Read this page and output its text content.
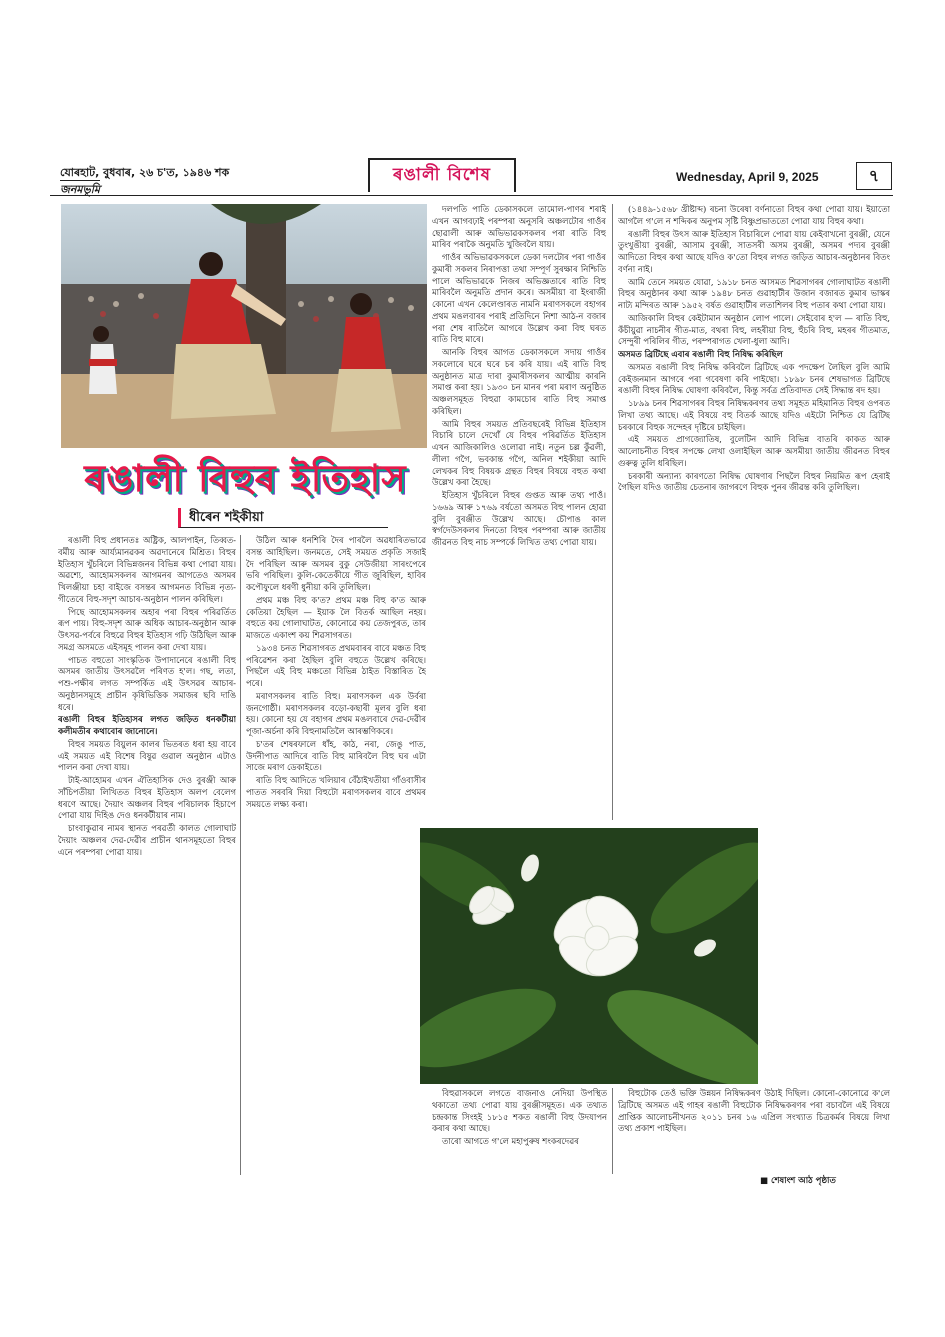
যোৰহাট, বুধবাৰ, ২৬ চ'ত, ১৯৪৬ শক
জনমভূমি
ৰঙালী বিশেষ	Wednesday, April 9, 2025	৭
ৰঙালী বিহুৰ ইতিহাস
ধীৰেন শইকীয়া

ৰঙালী বিহু প্ৰধানতঃ অষ্ট্ৰিক, আলপাইন, তিব্বত-বৰ্মীয় আৰু আৰ্য্যমানৱকৰ অৱদানেৰে মিশ্ৰিত। বিহুৰ ইতিহাস খুঁচৰিলে বিভিন্নজনৰ বিভিন্ন কথা পোৱা যায়। অৱশ্যে, আহোমসকলৰ আগমনৰ আগতেও অসমৰ খিলঞ্জীয়া চহা বাইজে বসন্তৰ আগমনত বিভিন্ন নৃত্য-গীতেৰে বিহু-সদৃশ আচাৰ-অনুষ্ঠান পালন কৰিছিল।

পিছে আহোমসকলৰ অহাৰ পৰা বিহুৰ পৰিৱৰ্তিত ৰূপ পায়। বিহু-সদৃশ আৰু অধিক আচাৰ-অনুষ্ঠান আৰু উৎসৱ-পৰ্বৰে বিহুৱে বিহুৰ ইতিহাস গঢ়ি উঠিছিল আৰু সমগ্ৰ অসমতে এইসমূহ পালন কৰা দেখা যায়।

পাচত বহুতো সাংস্কৃতিক উপাদানেৰে ৰঙালী বিহু অসমৰ জাতীয় উৎসৱলৈ পৰিণত হ'ল। গছ, লতা, পশু-পক্ষীৰ লগত সম্পৰ্কিত এই উৎসৱৰ আচাৰ-অনুষ্ঠানসমূহে প্ৰাচীন কৃষিভিত্তিক সমাজৰ ছবি দাঙি ধৰে।

ৰঙালী বিহুৰ ইতিহাসৰ লগত জড়িত ধনকটীয়া কলীমতীৰ কথাবোৰ জানোনে।

বিহুৰ সময়ত বিয়ুলন কালৰ ভিতৰত ধৰা হয় বাবে এই সময়ত এই বিশেষ বিষুৱ গুৱাল অনুষ্ঠান এটাও পালন কৰা দেখা যায়।

টাই-আহোমৰ এখন ঐতিহাসিক দেও বুৰঞ্জী আৰু সাঁচিপতীয়া লিখিতত বিহুৰ ইতিহাস অলপ বেলেগ ধৰণে আছে। দৈয়াং অঞ্চলৰ বিহুৰ পৰিচালক হিচাপে পোৱা যায় দিহিঙ দেও ধনকটীয়াৰ নাম।

চাংবাকুৱাৰ নামৰ স্থানত পৰৱৰ্তী কালত গোলাঘাট দৈয়াং অঞ্চলৰ দেৱ-দেৱীৰ প্ৰাচীন থানসমূহতো বিহুৰ এনে পৰম্পৰা পোৱা যায়।

উঠিল আৰু ধনশিৰি দৈৰ পাৰলৈ অৱধাৰিতভাৱে বসন্ত আহিছিল। জনমতে, সেই সময়ত প্ৰকৃতি সজাই দৈ পৰিছিল আৰু অসমৰ বুকু সেউজীয়া সাৰংপেৰে ভৰি পৰিছিল। কুলি-কেতেকীয়ে গীত জুৰিছিল, হাবিৰ কপৌফুলে ধৰণী ধুনীয়া কৰি তুলিছিল।

প্ৰথম মঞ্চ বিহু ক'ত? প্ৰথম মঞ্চ বিহু ক'ত আৰু কেতিয়া হৈছিল — ইয়াক লৈ বিতৰ্ক আছিল নহয়। বহুতে কয় গোলাঘাটত, কোনোৱে কয় তেজপুৰত, তাৰ মাজতে একাংশ কয় শিৱসাগৰত।

১৯৩৪ চনত শিৱসাগৰত প্ৰথমবাৰৰ বাবে মঞ্চত বিহু পৰিৱেশন কৰা হৈছিল বুলি বহুতে উল্লেখ কৰিছে। পিছলৈ এই বিহু মঞ্চতো বিভিন্ন ঠাইত বিস্তাৰিত হৈ পৰে।

মৰাণসকলৰ ৰাতি বিহু। মৰাণসকল এক উৰ্বৰা জনগোষ্ঠী। মৰাণসকলৰ বড়ো-কছাৰী মূলৰ বুলি ধৰা হয়। কোনো হয় যে বহাগৰ প্ৰথম মঙলবাৰে দেৱ-দেৱীৰ পূজা-অৰ্চনা কৰি বিহুনামতিলৈ আৰম্ভণিকৰে।

চ'তৰ শেষৰফালে ধাঁহ, কাঠ, নৰা, জেঙু পাত, উৰ্দনীপাত আদিৰে বাতি বিহু মাৰিবলৈ বিহু ঘৰ এটা সাজে মৰাণ ডেকাইতে।

ৰাতি বিহু আদিতে খলিয়াৰ বেঁঠাইখতীয়া গাঁওবাসীৰ পাতত সৰবৰি দিয়া বিহুটো মৰাণসকলৰ বাবে প্ৰথমৰ সময়তে লক্ষ্য কৰা।

দলপতি পাতি ডেকাসকলে তামোল-পাণৰ শৰাই এখন আগবঢ়াই পৰম্পৰা অনুসৰি অঞ্চলটোৰ গাওঁৰ ছোৱালী আৰু অভিভাৱকসকলৰ পৰা ৰাতি বিহু মাৰিব পৰাকৈ অনুমতি খুজিবলৈ যায়।

গাওঁৰ অভিভাৱকসকলে ডেকা দলটোৰ পৰা গাওঁৰ কুমাৰী সকলৰ নিৰাপত্তা তথা সম্পূৰ্ণ সুৰক্ষাৰ নিশ্চিতি পালে অভিভাৱকে নিজৰ অভিজ্ঞতাৰে ৰাতি বিহু মাৰিবলৈ অনুমতি প্ৰদান কৰে। অসমীয়া বা ইংৰাজী কোনো এখন কেলেণ্ডাৰত নামনি মৰাণসকলে বহাগৰ প্ৰথম মঙলবাৰৰ পৰাই প্ৰতিদিনে নিশা আঠ-ন বজাৰ পৰা শেষ ৰাতিলৈ আগৰে উল্লেখ কৰা বিহু ঘৰত ৰাতি বিহু মাৰে।

আনকি বিহুৰ আগত ডেকাসকলে সদায় গাওঁৰ সকলোৰে ঘৰে ঘৰে চৰ কৰি যায়। এই ৰাতি বিহু অনুষ্ঠানত মাত্ৰ দাৰা কুমাৰীসকলৰ আত্মীয় কাৰনি সমাপ্ত কৰা হয়। ১৯৩০ চন মানৰ পৰা মৰাণ অনুষ্ঠিত অঞ্চলসমূহত বিহুৱা কামচোৰ ৰাতি বিহু সমাপ্ত কৰিছিল।

আমি বিহুৰ সময়ত প্ৰতিবছৰেই বিভিন্ন ইতিহাস বিচাৰি চালে দেখোঁ যে বিহুৰ পৰিৱৰ্তিত ইতিহাস এখন আজিকালিও ওলোৱা নাই। নতুন চল্ল কুঁৱলী, লীলা গগৈ, ভবকান্ত গগৈ, অনিল শইকীয়া আদি লেখকৰ বিহু বিষয়ক গ্ৰন্থত বিহুৰ বিষয়ে বহুত কথা উল্লেখ কৰা হৈছে।

ইতিহাস খুঁচৰিলে বিহুৰ গুপ্তত আৰু তথ্য পাওঁ। ১৬৬৯ আৰু ১৭৬৯ বৰ্ষতো অসমত বিহু পালন হোৱা বুলি বুৰঞ্জীত উল্লেখ আছে। চৌপাঙ কাল স্বৰ্গদেউসকলৰ দিনতো বিহুৰ পৰম্পৰা আৰু জাতীয় জীৱনত বিহু নাচ সম্পৰ্কে লিখিত তথ্য পোৱা যায়।

(১৪৪৯-১৫৬৮ খ্ৰীষ্টাব্দ) ৰচনা উৰেষা বৰ্ণনাতো বিহুৰ কথা পোৱা যায়। ইয়াতো আগলৈ গ'লে ন শব্দিকৰ অনুপম সৃষ্টি বিষ্ণুপ্ৰভাততো পোৱা যায় বিহুৰ কথা।

ৰঙালী বিহুৰ উৎস আৰু ইতিহাস বিচাৰিলে পোৱা যায় কেইবাখনো বুৰঞ্জী, যেনে তুংখুঙীয়া বুৰঞ্জী, আসাম বুৰঞ্জী, সাতসৰী অসম বুৰঞ্জী, অসমৰ পদ্যৰ বুৰঞ্জী আদিতো বিহুৰ কথা আছে যদিও ক'তো বিহুৰ লগত জড়িত আচাৰ-অনুষ্ঠানৰ বিতং বৰ্ণনা নাই।

আমি তেনে সময়ত যোৱা, ১৯১৮ চনত আসমত শিৱসাগৰৰ গোলাঘাটত ৰঙালী বিহুৰ অনুষ্ঠানৰ কথা আৰু ১৯৪৮ চনত গুৱাহাটীৰ উজান বজাৰত কুমাৰ ভাস্কৰ নাট্য মন্দিৰত আৰু ১৯৫২ বৰ্ষত গুৱাহাটীৰ লতাশিলৰ বিহু পতাৰ কথা পোৱা যায়।

আজিকালি বিহুৰ কেইটামান অনুষ্ঠান লোপ পালে। সেইবোৰ হ'ল — ৰাতি বিহু, কঁচীয়ুৱা নাচনীৰ গীত-মাত, বথৰা বিহু, লহৰীয়া বিহু, হুঁচৰি বিহু, মহৰৰ গীতমাত, সেন্দুৰী পৰিলিৰ গীত, পৰম্পৰাগত খেলা-ধুলা আদি।

অসমত ব্ৰিটিছে এবাৰ ৰঙালী বিহু নিষিদ্ধ কৰিছিল

অসমত ৰঙালী বিহু নিষিদ্ধ কৰিবলৈ ব্ৰিটিছে এক পদক্ষেপ লৈছিল বুলি আমি কেইজনমান আগৰে পৰা গবেষণা কৰি পাইছো। ১৮৯৮ চনৰ শেষভাগত ব্ৰিটিছে ৰঙালী বিহুৰ নিষিদ্ধ ঘোষণা কৰিবলৈ, কিন্তু সৰ্বত্ৰ প্ৰতিবাদত সেই সিদ্ধান্ত ৰদ হয়।

১৮৯৯ চনৰ শিৱসাগৰৰ বিহুৰ নিষিদ্ধকৰণৰ তথ্য সমূহত মহিমানিত বিহুৰ ওপৰত লিখা তথ্য আছে। এই বিষয়ে বহু বিতৰ্ক আছে যদিও এইটো নিশ্চিত যে ব্ৰিটিছ চৰকাৰে বিহুক সন্দেহৰ দৃষ্টিৰে চাইছিল।

এই সময়ত প্ৰাগজ্যোতিষ, বুলেটিন আদি বিভিন্ন বাতৰি কাকত আৰু আলোচনীত বিহুৰ সপক্ষে লেখা ওলাইছিল আৰু অসমীয়া জাতীয় জীৱনত বিহুৰ গুৰুত্ব তুলি ধৰিছিল।

চৰকাৰী অন্যান্য কাৰণতো নিষিদ্ধ ঘোষণাৰ পিছলৈ বিহুৰ নিয়মিত ৰূপ হেৰাই গৈছিল যদিও জাতীয় চেতনাৰ জাগৰণে বিহুক পুনৰ জীৱন্ত কৰি তুলিছিল।

বিহুৱাসকলে লগতে বাজনাও নেদিয়া উপস্থিত থকাতো তথ্য পোৱা যায় বুৰঞ্জীসমূহত। এক তথ্যত চন্দ্ৰকান্ত সিংহই ১৮১৫ শকত ৰঙালী বিহু উদযাপন কৰাৰ কথা আছে।

তাৰো আগতে গ'লে মহাপুৰুষ শংকৰদেৱৰ

বিহুটোক তেওঁ ভক্তি উন্নয়ন নিষিদ্ধকৰণ উঠাই দিছিল। কোনো-কোনোৱে ক'লে ব্ৰিটিছে অসমত এই গাহৰ ৰঙালী বিহুটোক নিষিদ্ধকৰণৰ পৰা বচাবলৈ এই বিষয়ে প্ৰাপ্তিক আলোচনীখনত ২০১১ চনৰ ১৬ এপ্ৰিল সংখ্যাত চিত্ৰকৰ্মৰ বিষয়ে লিখা তথ্য প্ৰকাশ পাইছিল।

■ শেষাংশ আঠ পৃষ্ঠাত
